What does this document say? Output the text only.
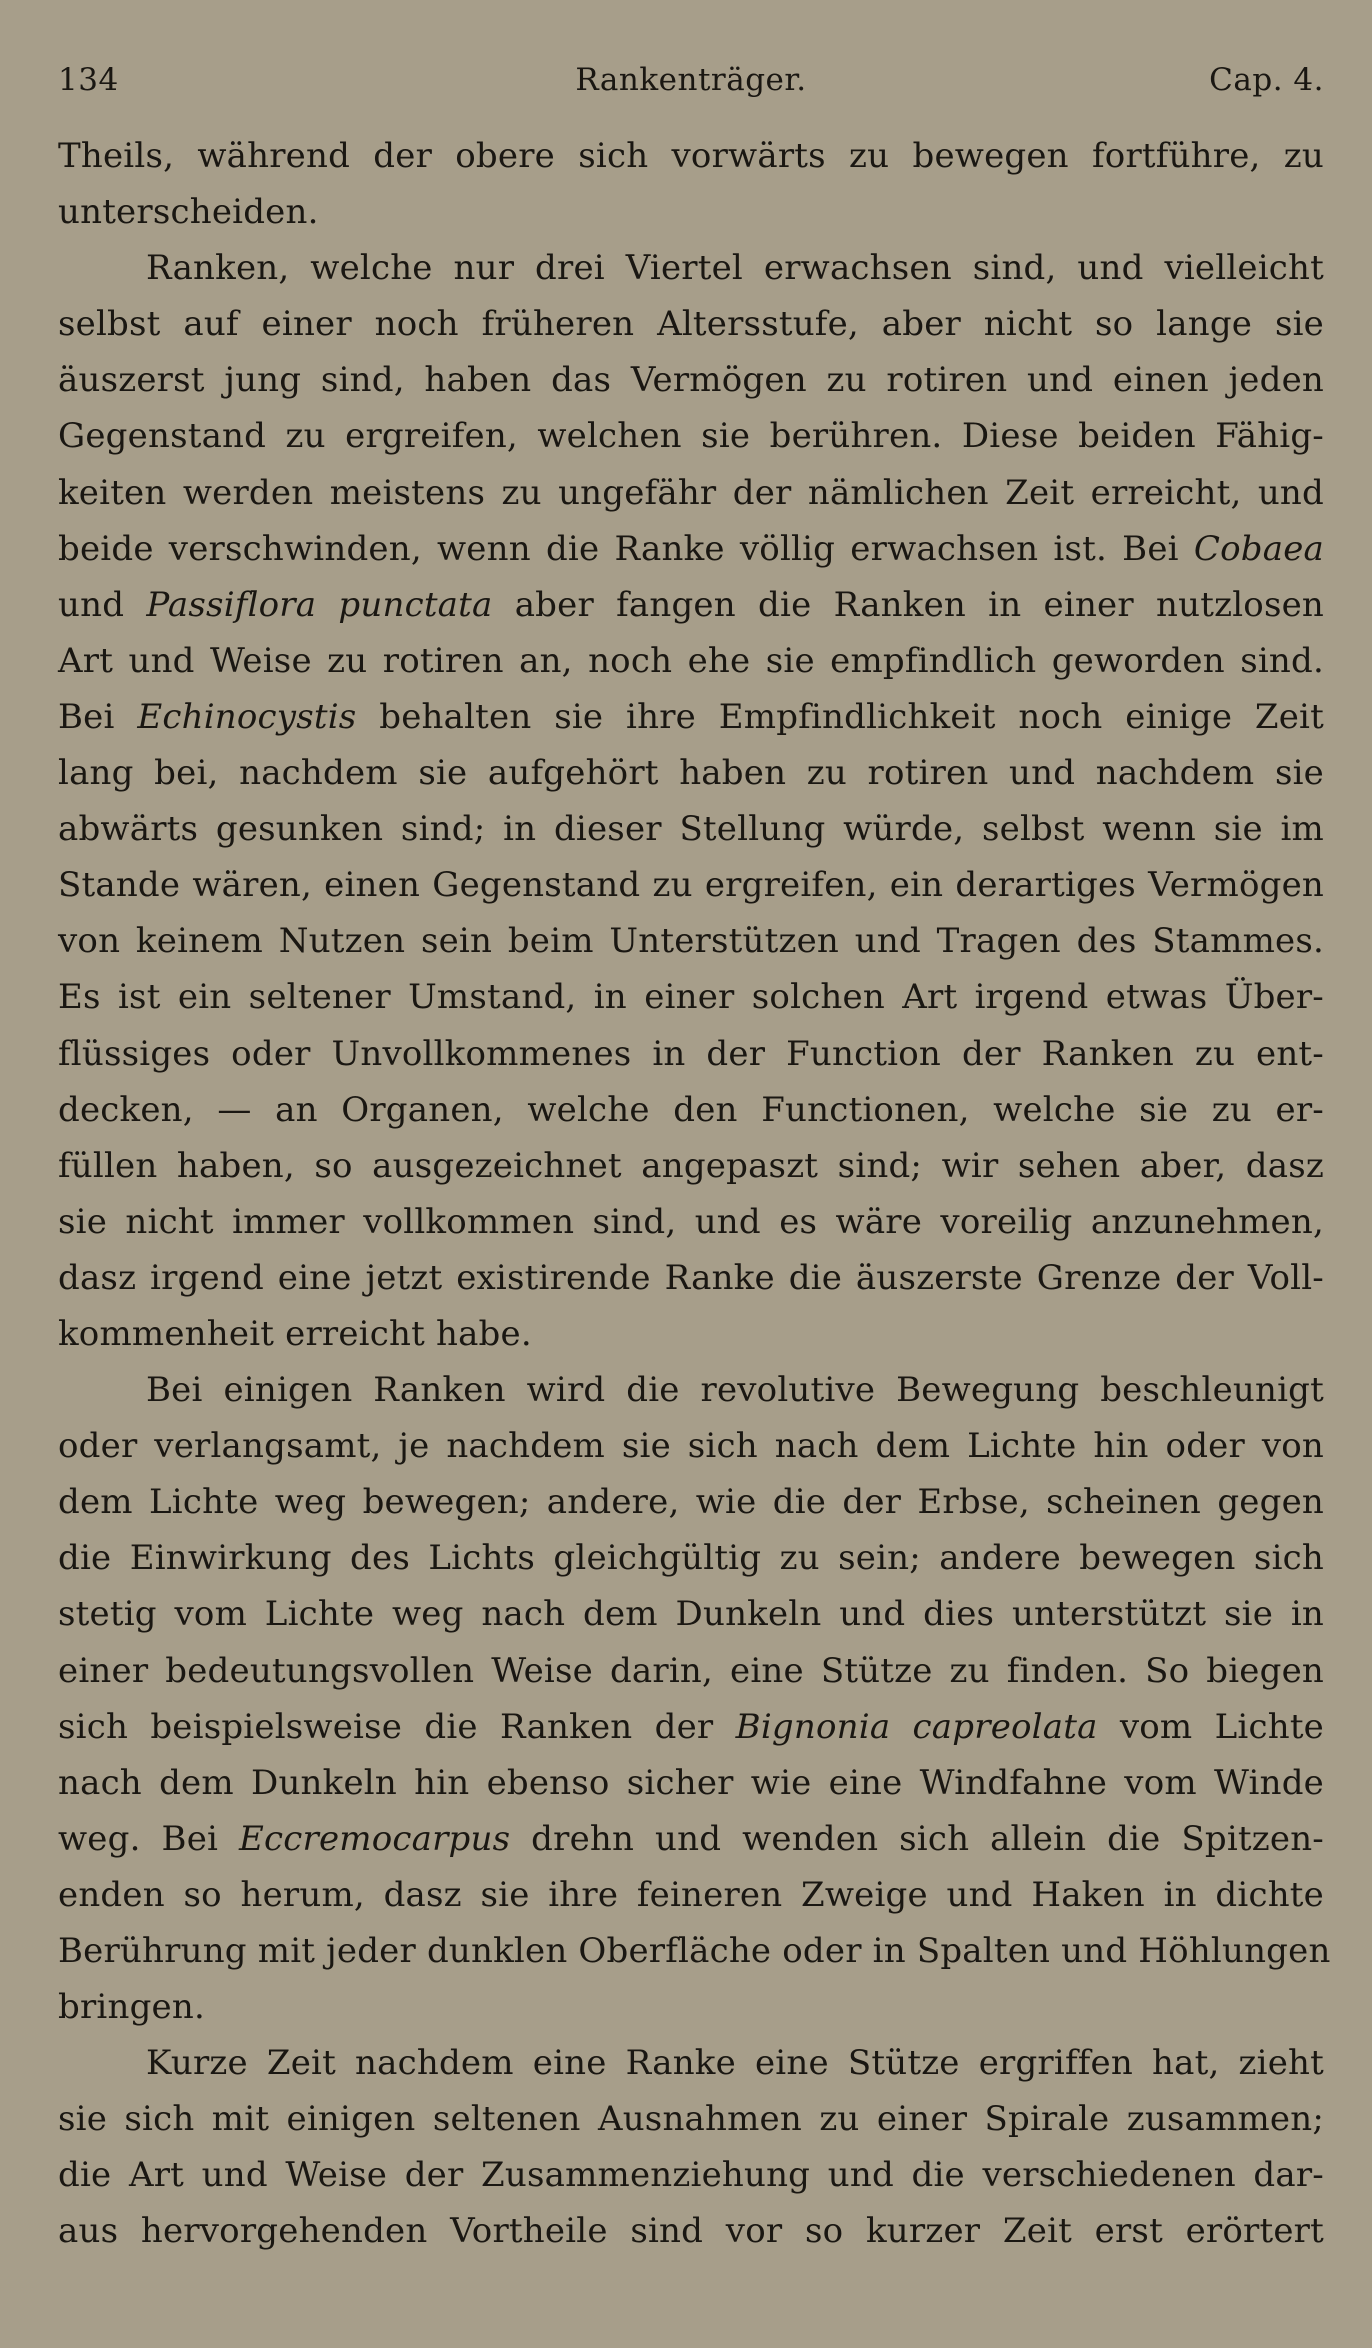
134	Rankenträger.	Cap. 4.
Theils, während der obere sich vorwärts zu bewegen fortführe, zu
unterscheiden.
Ranken, welche nur drei Viertel erwachsen sind, und vielleicht
selbst auf einer noch früheren Altersstufe, aber nicht so lange sie
äuszerst jung sind, haben das Vermögen zu rotiren und einen jeden
Gegenstand zu ergreifen, welchen sie berühren. Diese beiden Fähig-
keiten werden meistens zu ungefähr der nämlichen Zeit erreicht, und
beide verschwinden, wenn die Ranke völlig erwachsen ist. Bei Cobaea
und Passiflora punctata aber fangen die Ranken in einer nutzlosen
Art und Weise zu rotiren an, noch ehe sie empfindlich geworden sind.
Bei Echinocystis behalten sie ihre Empfindlichkeit noch einige Zeit
lang bei, nachdem sie aufgehört haben zu rotiren und nachdem sie
abwärts gesunken sind; in dieser Stellung würde, selbst wenn sie im
Stande wären, einen Gegenstand zu ergreifen, ein derartiges Vermögen
von keinem Nutzen sein beim Unterstützen und Tragen des Stammes.
Es ist ein seltener Umstand, in einer solchen Art irgend etwas Über-
flüssiges oder Unvollkommenes in der Function der Ranken zu ent-
decken, — an Organen, welche den Functionen, welche sie zu er-
füllen haben, so ausgezeichnet angepaszt sind; wir sehen aber, dasz
sie nicht immer vollkommen sind, und es wäre voreilig anzunehmen,
dasz irgend eine jetzt existirende Ranke die äuszerste Grenze der Voll-
kommenheit erreicht habe.
Bei einigen Ranken wird die revolutive Bewegung beschleunigt
oder verlangsamt, je nachdem sie sich nach dem Lichte hin oder von
dem Lichte weg bewegen; andere, wie die der Erbse, scheinen gegen
die Einwirkung des Lichts gleichgültig zu sein; andere bewegen sich
stetig vom Lichte weg nach dem Dunkeln und dies unterstützt sie in
einer bedeutungsvollen Weise darin, eine Stütze zu finden. So biegen
sich beispielsweise die Ranken der Bignonia capreolata vom Lichte
nach dem Dunkeln hin ebenso sicher wie eine Windfahne vom Winde
weg. Bei Eccremocarpus drehn und wenden sich allein die Spitzen-
enden so herum, dasz sie ihre feineren Zweige und Haken in dichte
Berührung mit jeder dunklen Oberfläche oder in Spalten und Höhlungen
bringen.
Kurze Zeit nachdem eine Ranke eine Stütze ergriffen hat, zieht
sie sich mit einigen seltenen Ausnahmen zu einer Spirale zusammen;
die Art und Weise der Zusammenziehung und die verschiedenen dar-
aus hervorgehenden Vortheile sind vor so kurzer Zeit erst erörtert
